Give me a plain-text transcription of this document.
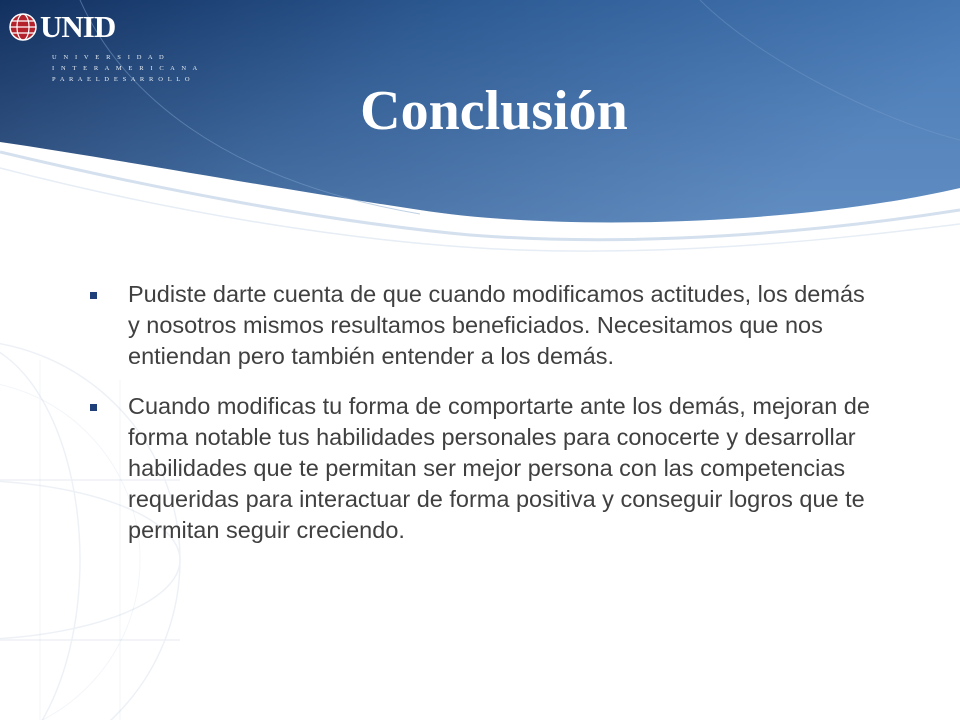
UNID
U N I V E R S I D A D
I N T E R A M E R I C A N A
P A R A E L D E S A R R O L L O
Conclusión
Pudiste darte cuenta de que cuando modificamos actitudes, los demás y nosotros mismos resultamos beneficiados. Necesitamos que nos entiendan pero también entender a los demás.
Cuando modificas tu forma de comportarte ante los demás, mejoran de forma notable tus habilidades personales para conocerte y desarrollar habilidades que te permitan ser mejor persona con las competencias requeridas para interactuar de forma positiva y conseguir logros que te permitan seguir creciendo.
